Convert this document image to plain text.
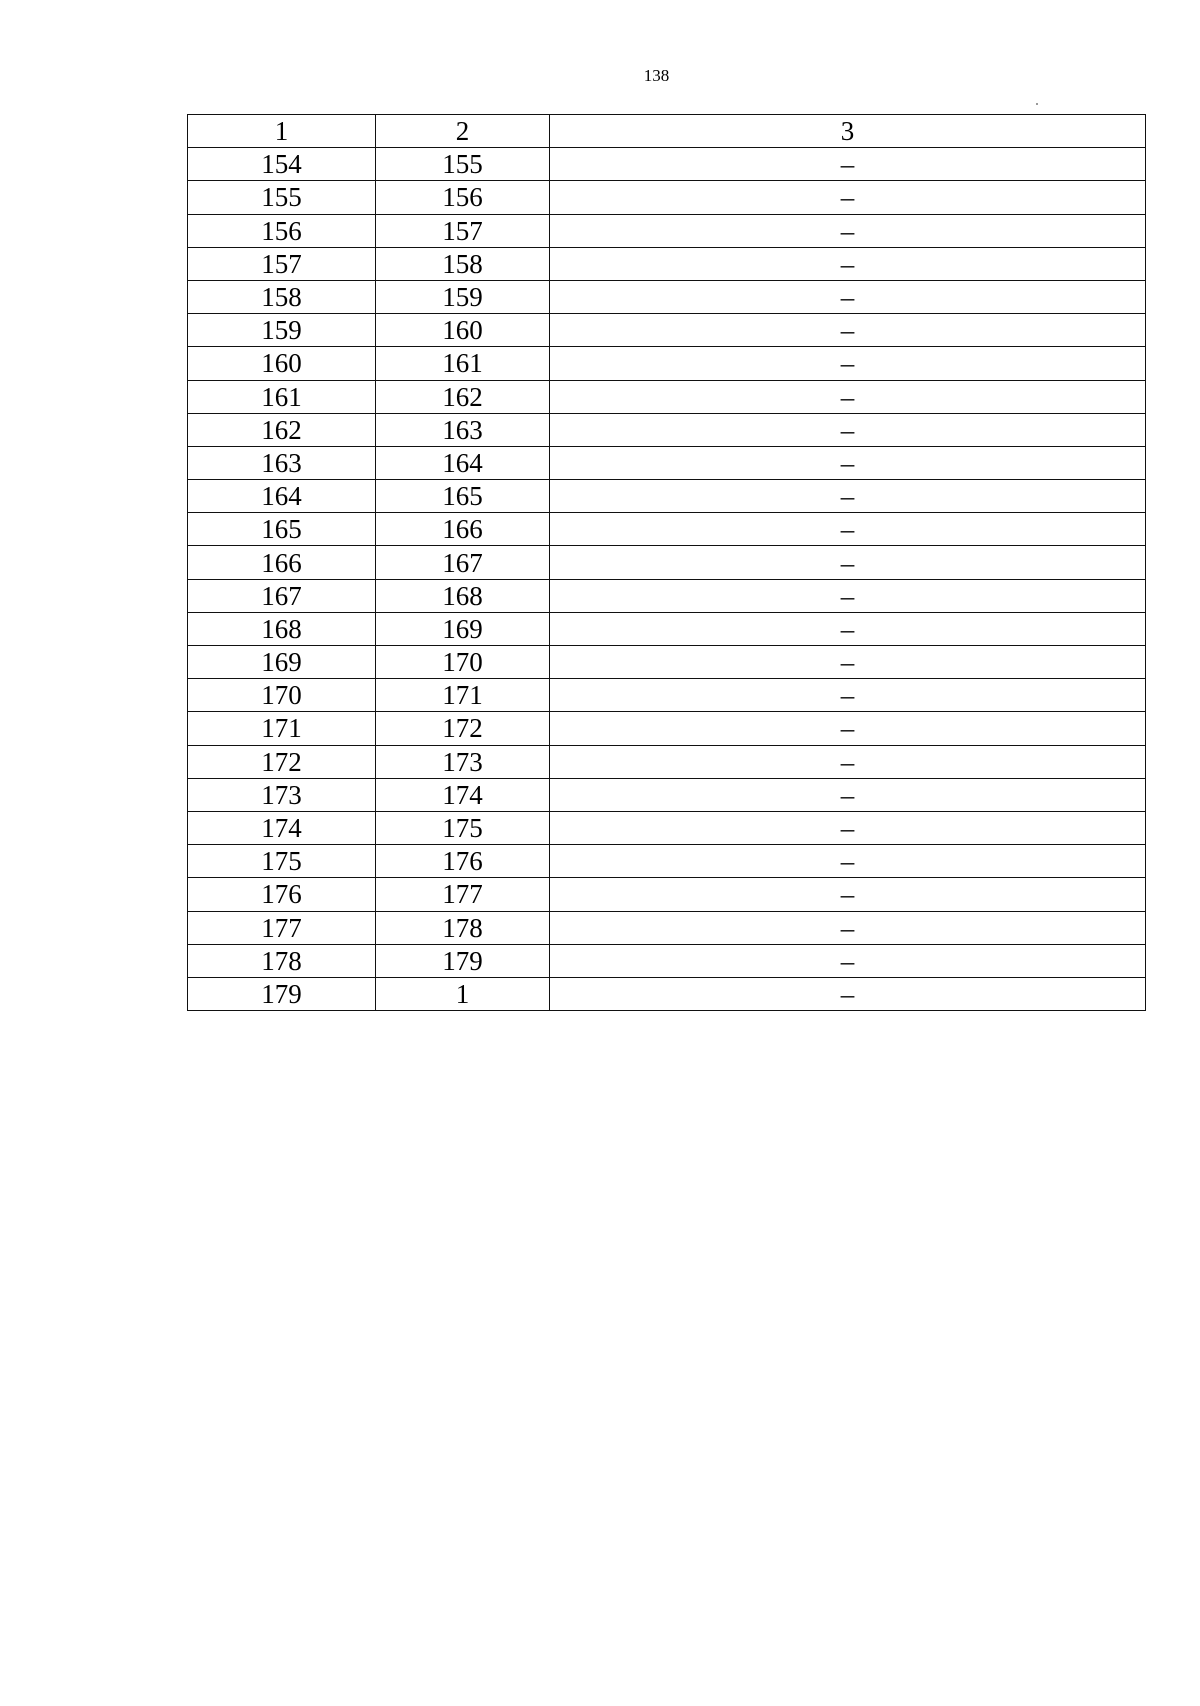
138
1	2	3
154	155	–
155	156	–
156	157	–
157	158	–
158	159	–
159	160	–
160	161	–
161	162	–
162	163	–
163	164	–
164	165	–
165	166	–
166	167	–
167	168	–
168	169	–
169	170	–
170	171	–
171	172	–
172	173	–
173	174	–
174	175	–
175	176	–
176	177	–
177	178	–
178	179	–
179	1	–
